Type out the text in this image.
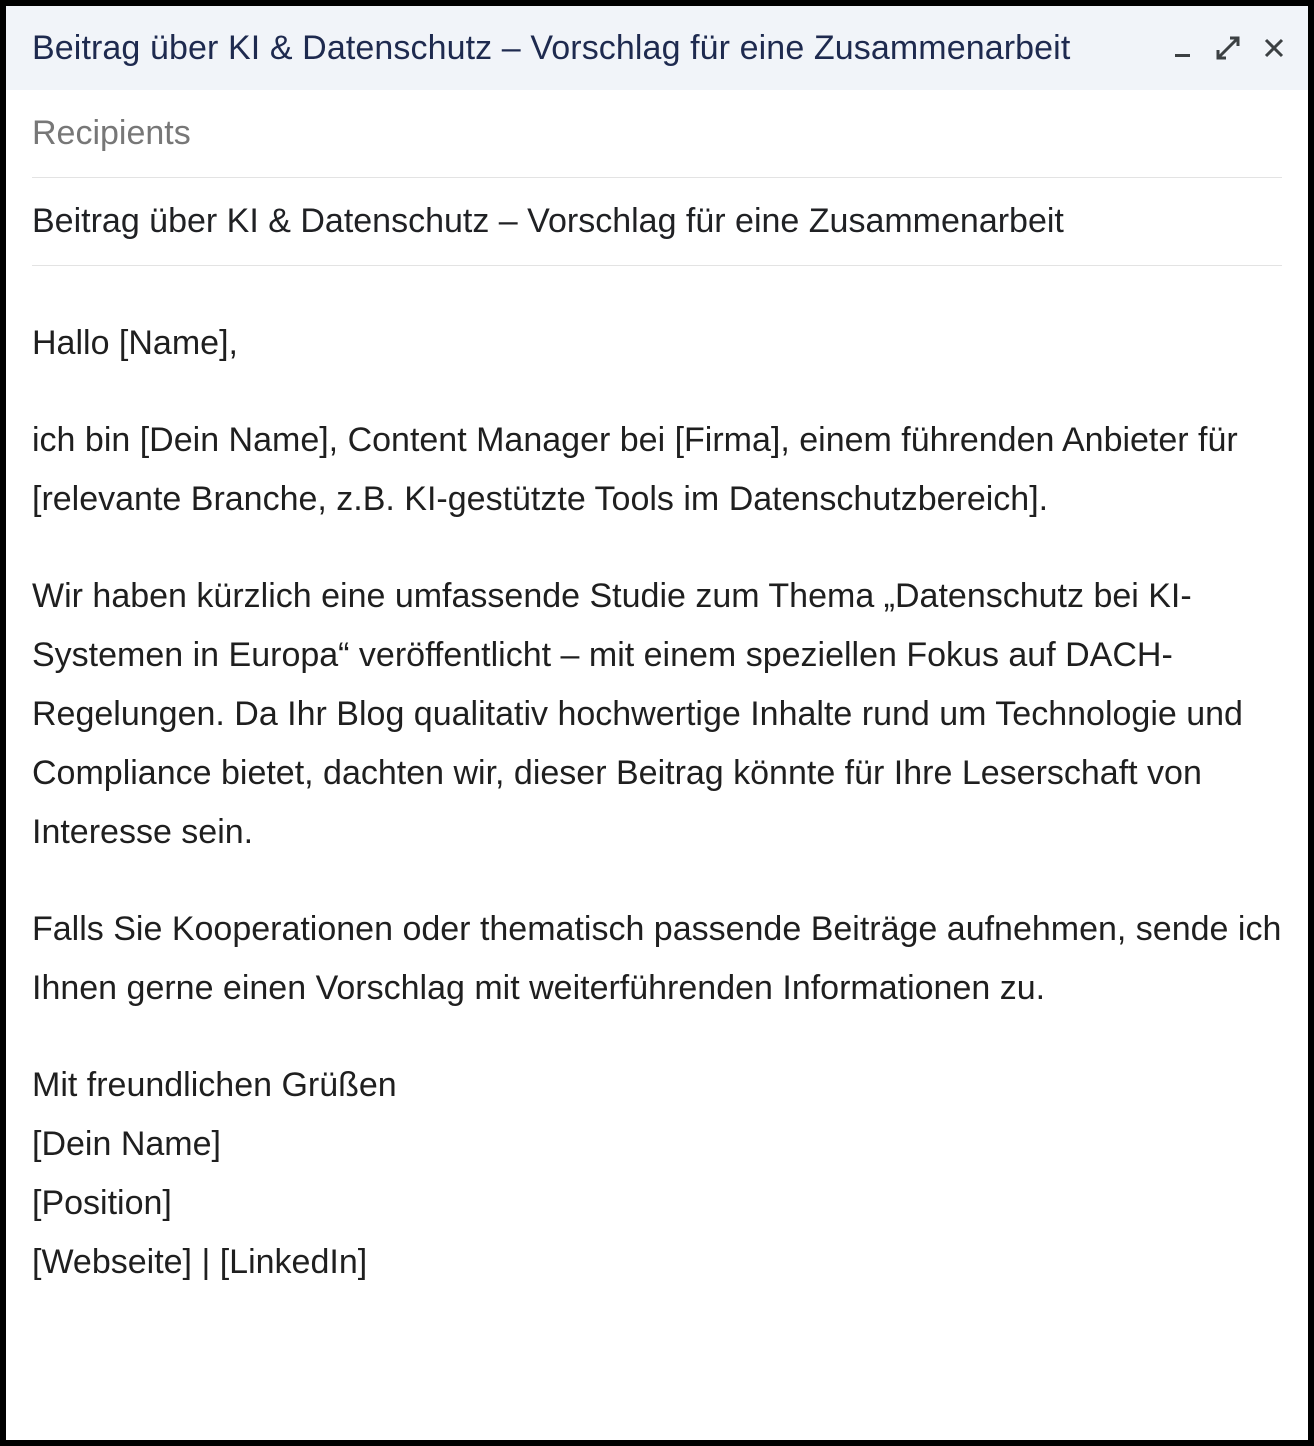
Beitrag über KI & Datenschutz – Vorschlag für eine Zusammenarbeit
Recipients
Beitrag über KI & Datenschutz – Vorschlag für eine Zusammenarbeit

Hallo [Name],

ich bin [Dein Name], Content Manager bei [Firma], einem führenden Anbieter für [relevante Branche, z.B. KI-gestützte Tools im Datenschutzbereich].

Wir haben kürzlich eine umfassende Studie zum Thema „Datenschutz bei KI-Systemen in Europa“ veröffentlicht – mit einem speziellen Fokus auf DACH-Regelungen. Da Ihr Blog qualitativ hochwertige Inhalte rund um Technologie und Compliance bietet, dachten wir, dieser Beitrag könnte für Ihre Leserschaft von Interesse sein.

Falls Sie Kooperationen oder thematisch passende Beiträge aufnehmen, sende ich Ihnen gerne einen Vorschlag mit weiterführenden Informationen zu.

Mit freundlichen Grüßen
[Dein Name]
[Position]
[Webseite] | [LinkedIn]
